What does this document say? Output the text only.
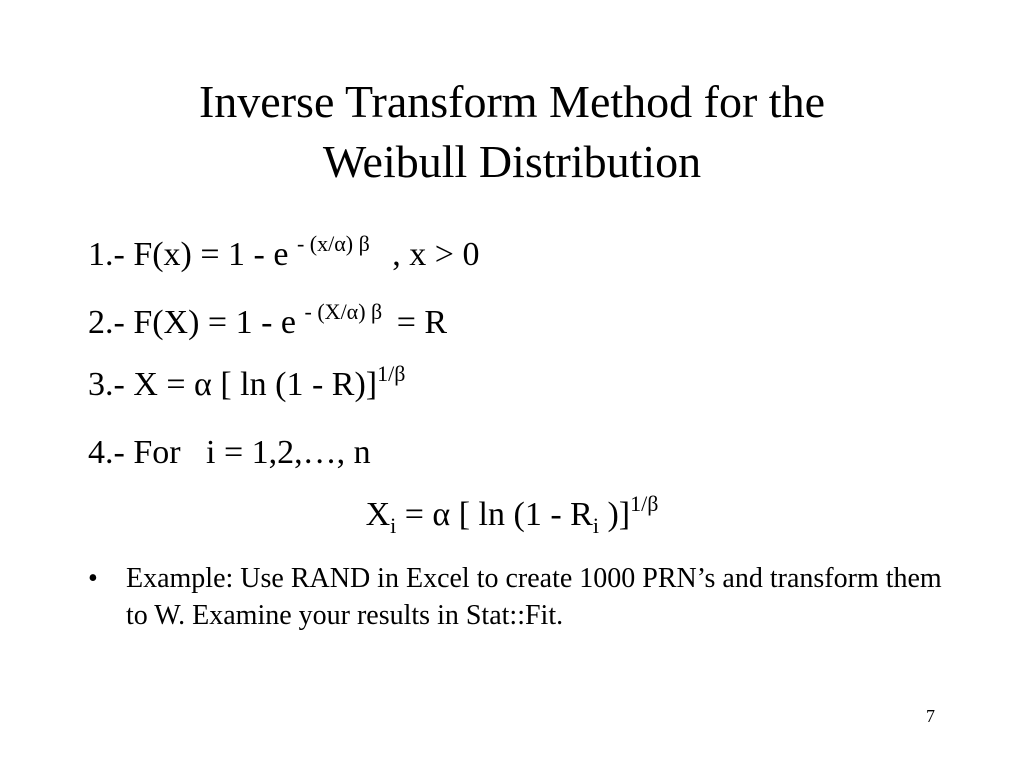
Inverse Transform Method for the
Weibull Distribution
1.- F(x) = 1 - e $^{- (x/\alpha) \beta}$ , x > 0
2.- F(X) = 1 - e $^{- (X/\alpha) \beta}$ = R
3.- X = α [ ln (1 - R)]$^{1/\beta}$
4.- For   i = 1,2,…, n
$X_i = \alpha$ [ $\ln (1 - R_i$ )]$^{1/\beta}$
•	Example: Use RAND in Excel to create 1000 PRN’s and transform them to W. Examine your results in Stat::Fit.
7
